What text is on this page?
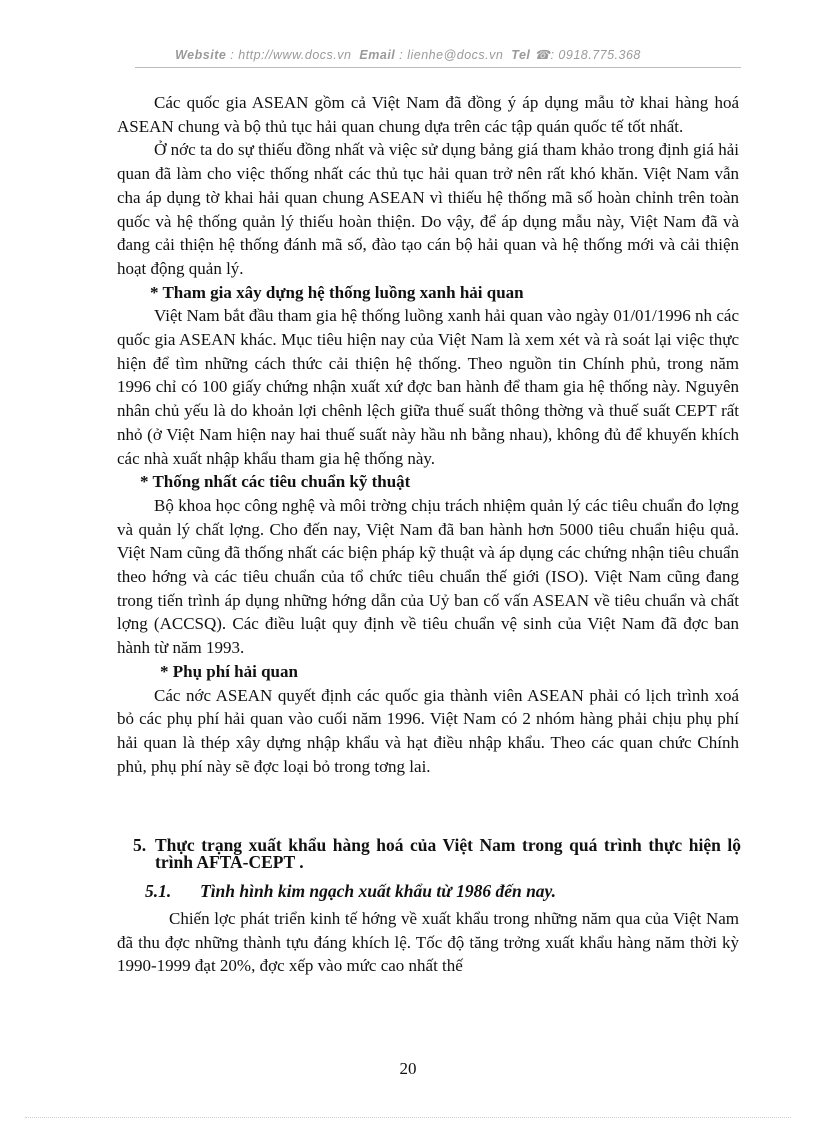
Website : http://www.docs.vn Email : lienhe@docs.vn Tel ☎: 0918.775.368

Các quốc gia ASEAN gồm cả Việt Nam đã đồng ý áp dụng mẫu tờ khai hàng hoá ASEAN chung và bộ thủ tục hải quan chung dựa trên các tập quán quốc tế tốt nhất.

Ở nớc ta do sự thiếu đồng nhất và việc sử dụng bảng giá tham khảo trong định giá hải quan đã làm cho việc thống nhất các thủ tục hải quan trở nên rất khó khăn. Việt Nam vẫn cha áp dụng tờ khai hải quan chung ASEAN vì thiếu hệ thống mã số hoàn chỉnh trên toàn quốc và hệ thống quản lý thiếu hoàn thiện. Do vậy, để áp dụng mẫu này, Việt Nam đã và đang cải thiện hệ thống đánh mã số, đào tạo cán bộ hải quan và hệ thống mới và cải thiện hoạt động quản lý.

* Tham gia xây dựng hệ thống luồng xanh hải quan

Việt Nam bắt đầu tham gia hệ thống luồng xanh hải quan vào ngày 01/01/1996 nh các quốc gia ASEAN khác. Mục tiêu hiện nay của Việt Nam là xem xét và rà soát lại việc thực hiện để tìm những cách thức cải thiện hệ thống. Theo nguồn tin Chính phủ, trong năm 1996 chỉ có 100 giấy chứng nhận xuất xứ đợc ban hành để tham gia hệ thống này. Nguyên nhân chủ yếu là do khoản lợi chênh lệch giữa thuế suất thông thờng và thuế suất CEPT rất nhỏ (ở Việt Nam hiện nay hai thuế suất này hầu nh bằng nhau), không đủ để khuyến khích các nhà xuất nhập khẩu tham gia hệ thống này.

* Thống nhất các tiêu chuẩn kỹ thuật

Bộ khoa học công nghệ và môi trờng chịu trách nhiệm quản lý các tiêu chuẩn đo lợng và quản lý chất lợng. Cho đến nay, Việt Nam đã ban hành hơn 5000 tiêu chuẩn hiệu quả. Việt Nam cũng đã thống nhất các biện pháp kỹ thuật và áp dụng các chứng nhận tiêu chuẩn theo hớng và các tiêu chuẩn của tổ chức tiêu chuẩn thế giới (ISO). Việt Nam cũng đang trong tiến trình áp dụng những hớng dẫn của Uỷ ban cố vấn ASEAN về tiêu chuẩn và chất lợng (ACCSQ). Các điều luật quy định về tiêu chuẩn vệ sinh của Việt Nam đã đợc ban hành từ năm 1993.

* Phụ phí hải quan

Các nớc ASEAN quyết định các quốc gia thành viên ASEAN phải có lịch trình xoá bỏ các phụ phí hải quan vào cuối năm 1996. Việt Nam có 2 nhóm hàng phải chịu phụ phí hải quan là thép xây dựng nhập khẩu và hạt điều nhập khẩu. Theo các quan chức Chính phủ, phụ phí này sẽ đợc loại bỏ trong tơng lai.

5. Thực trạng xuất khẩu hàng hoá của Việt Nam trong quá trình thực hiện lộ trình AFTA-CEPT .
5.1. Tình hình kim ngạch xuất khẩu từ 1986 đến nay.

Chiến lợc phát triển kinh tế hớng về xuất khẩu trong những năm qua của Việt Nam đã thu đợc những thành tựu đáng khích lệ. Tốc độ tăng trởng xuất khẩu hàng năm thời kỳ 1990-1999 đạt 20%, đợc xếp vào mức cao nhất thế

20
